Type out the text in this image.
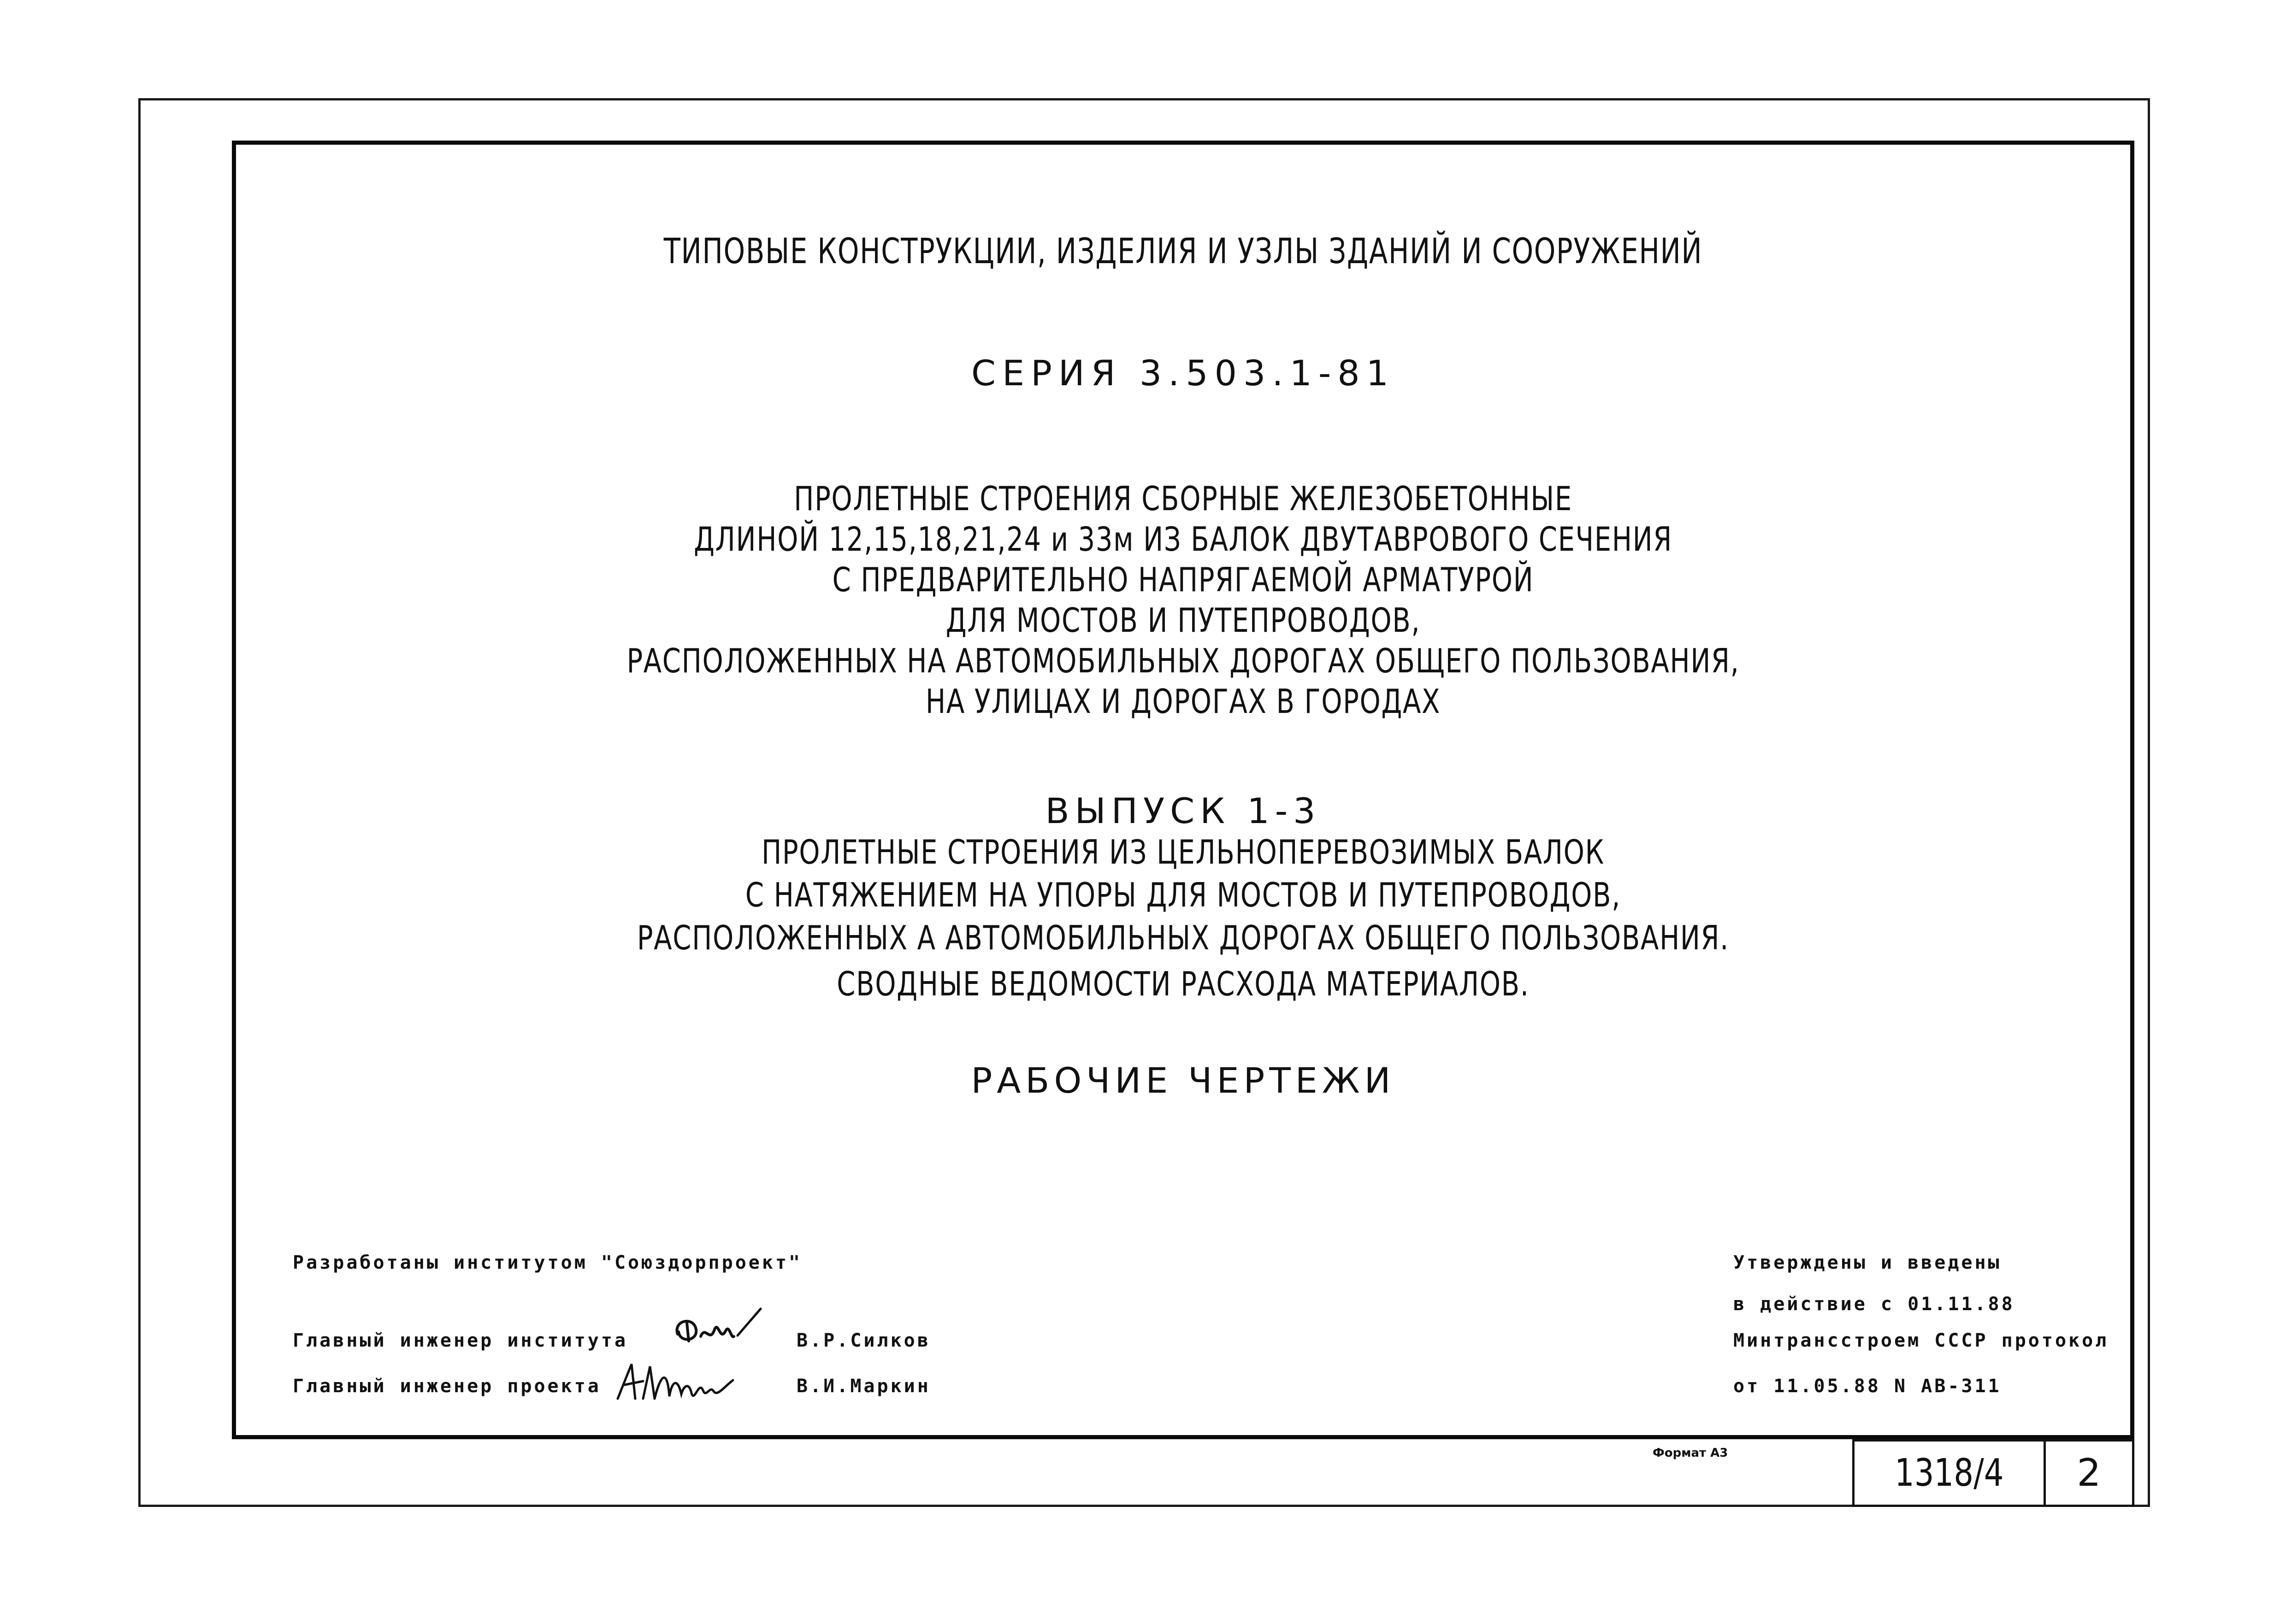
ТИПОВЫЕ КОНСТРУКЦИИ, ИЗДЕЛИЯ И УЗЛЫ ЗДАНИЙ И СООРУЖЕНИЙ
СЕРИЯ 3.503.1-81
ПРОЛЕТНЫЕ СТРОЕНИЯ СБОРНЫЕ ЖЕЛЕЗОБЕТОННЫЕ
ДЛИНОЙ 12,15,18,21,24 и 33м ИЗ БАЛОК ДВУТАВРОВОГО СЕЧЕНИЯ
С ПРЕДВАРИТЕЛЬНО НАПРЯГАЕМОЙ АРМАТУРОЙ
ДЛЯ МОСТОВ И ПУТЕПРОВОДОВ,
РАСПОЛОЖЕННЫХ НА АВТОМОБИЛЬНЫХ ДОРОГАХ ОБЩЕГО ПОЛЬЗОВАНИЯ,
НА УЛИЦАХ И ДОРОГАХ В ГОРОДАХ
ВЫПУСК 1-3
ПРОЛЕТНЫЕ СТРОЕНИЯ ИЗ ЦЕЛЬНОПЕРЕВОЗИМЫХ БАЛОК
С НАТЯЖЕНИЕМ НА УПОРЫ ДЛЯ МОСТОВ И ПУТЕПРОВОДОВ,
РАСПОЛОЖЕННЫХ А АВТОМОБИЛЬНЫХ ДОРОГАХ ОБЩЕГО ПОЛЬЗОВАНИЯ.
СВОДНЫЕ ВЕДОМОСТИ РАСХОДА МАТЕРИАЛОВ.
РАБОЧИЕ ЧЕРТЕЖИ
Разработаны институтом "Союздорпроект"
Главный инженер института	В.Р.Силков
Главный инженер проекта	В.И.Маркин
Утверждены и введены
в действие с 01.11.88
Минтрансстроем СССР протокол
от 11.05.88 N АВ-311
Формат А3	1318/4	2
